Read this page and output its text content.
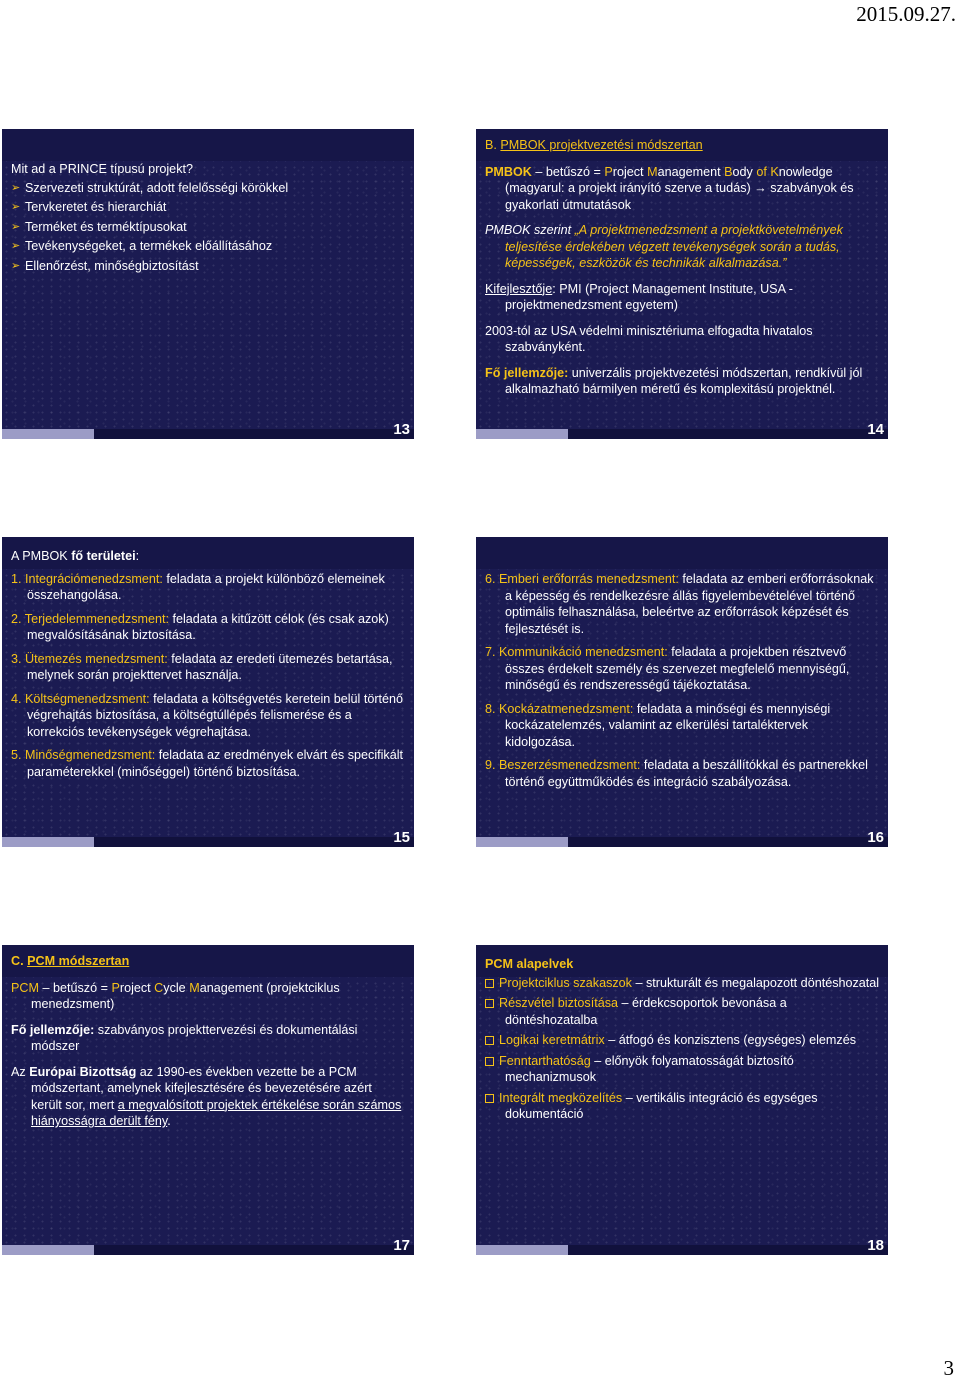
2015.09.27.
Mit ad a PRINCE típusú projekt?
➢ Szervezeti struktúrát, adott felelősségi körökkel
➢ Tervkeretet és hierarchiát
➢ Terméket és terméktípusokat
➢ Tevékenységeket, a termékek előállításához
➢ Ellenőrzést, minőségbiztosítást
13
B. PMBOK projektvezetési módszertan
PMBOK – betűszó = Project Management Body of Knowledge (magyarul: a projekt irányító szerve a tudás) → szabványok és gyakorlati útmutatások
PMBOK szerint „A projektmenedzsment a projektkövetelmények teljesítése érdekében végzett tevékenységek során a tudás, képességek, eszközök és technikák alkalmazása.”
Kifejlesztője: PMI (Project Management Institute, USA - projektmenedzsment egyetem)
2003-tól az USA védelmi minisztériuma elfogadta hivatalos szabványként.
Fő jellemzője: univerzális projektvezetési módszertan, rendkívül jól alkalmazható bármilyen méretű és komplexitású projektnél.
14
A PMBOK fő területei:
1. Integrációmenedzsment: feladata a projekt különböző elemeinek összehangolása.
2. Terjedelemmenedzsment: feladata a kitűzött célok (és csak azok) megvalósításának biztosítása.
3. Ütemezés menedzsment: feladata az eredeti ütemezés betartása, melynek során projekttervet használja.
4. Költségmenedzsment: feladata a költségvetés keretein belül történő végrehajtás biztosítása, a költségtúllépés felismerése és a korrekciós tevékenységek végrehajtása.
5. Minőségmenedzsment: feladata az eredmények elvárt és specifikált paraméterekkel (minőséggel) történő biztosítása.
15
6. Emberi erőforrás menedzsment: feladata az emberi erőforrásoknak a képesség és rendelkezésre állás figyelembevételével történő optimális felhasználása, beleértve az erőforrások képzését és fejlesztését is.
7. Kommunikáció menedzsment: feladata a projektben résztvevő összes érdekelt személy és szervezet megfelelő mennyiségű, minőségű és rendszerességű tájékoztatása.
8. Kockázatmenedzsment: feladata a minőségi és mennyiségi kockázatelemzés, valamint az elkerülési tartaléktervek kidolgozása.
9. Beszerzésmenedzsment: feladata a beszállítókkal és partnerekkel történő együttműködés és integráció szabályozása.
16
C. PCM módszertan
PCM – betűszó = Project Cycle Management (projektciklus menedzsment)
Fő jellemzője: szabványos projekttervezési és dokumentálási módszer
Az Európai Bizottság az 1990-es években vezette be a PCM módszertant, amelynek kifejlesztésére és bevezetésére azért került sor, mert a megvalósított projektek értékelése során számos hiányosságra derült fény.
17
PCM alapelvek
Projektciklus szakaszok – strukturált és megalapozott döntéshozatal
Részvétel biztosítása – érdekcsoportok bevonása a döntéshozatalba
Logikai keretmátrix – átfogó és konzisztens (egységes) elemzés
Fenntarthatóság – előnyök folyamatosságát biztosító mechanizmusok
Integrált megközelítés – vertikális integráció és egységes dokumentáció
18
3
